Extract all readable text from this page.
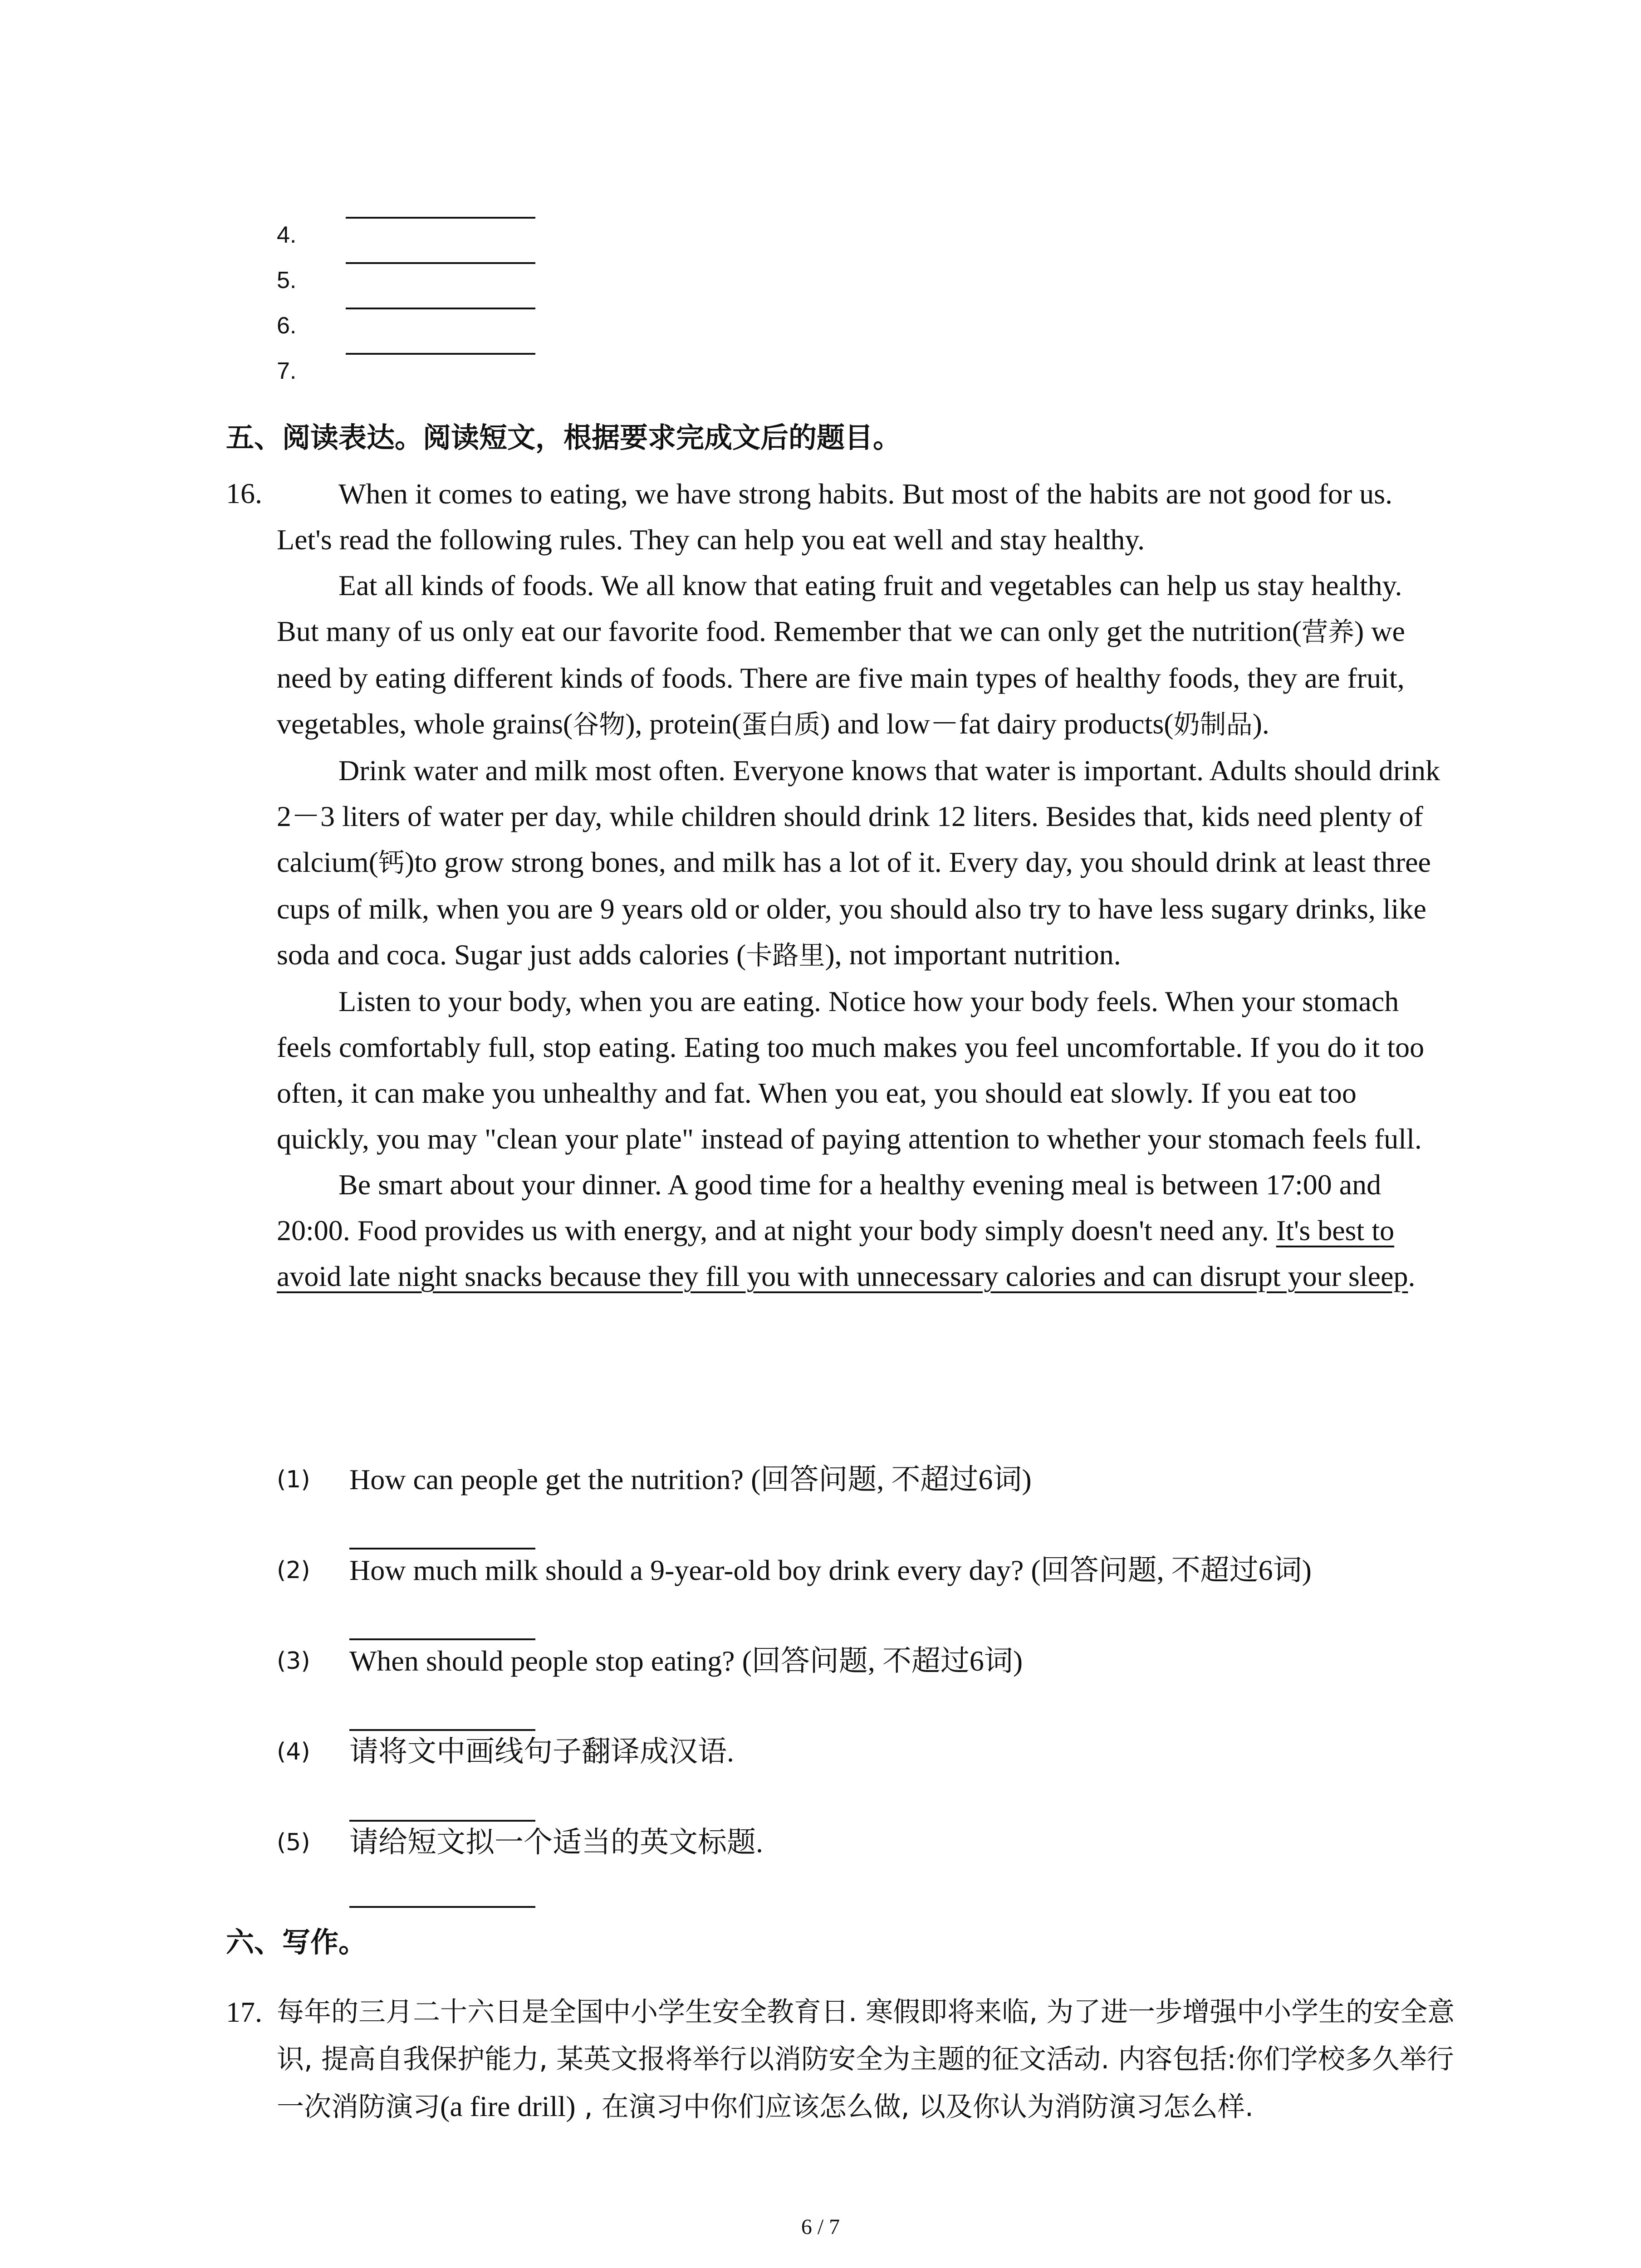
4.
5.
6.
7.
五、阅读表达。阅读短文，根据要求完成文后的题目。
16.	When it comes to eating, we have strong habits. But most of the habits are not good for us. Let's read the following rules. They can help you eat well and stay healthy.

Eat all kinds of foods. We all know that eating fruit and vegetables can help us stay healthy. But many of us only eat our favorite food. Remember that we can only get the nutrition(营养) we need by eating different kinds of foods. There are five main types of healthy foods, they are fruit, vegetables, whole grains(谷物), protein(蛋白质) and low－fat dairy products(奶制品).

Drink water and milk most often. Everyone knows that water is important. Adults should drink 2－3 liters of water per day, while children should drink 12 liters. Besides that, kids need plenty of calcium(钙)to grow strong bones, and milk has a lot of it. Every day, you should drink at least three cups of milk, when you are 9 years old or older, you should also try to have less sugary drinks, like soda and coca. Sugar just adds calories (卡路里), not important nutrition.

Listen to your body, when you are eating. Notice how your body feels. When your stomach feels comfortably full, stop eating. Eating too much makes you feel uncomfortable. If you do it too often, it can make you unhealthy and fat. When you eat, you should eat slowly. If you eat too quickly, you may "clean your plate" instead of paying attention to whether your stomach feels full.

Be smart about your dinner. A good time for a healthy evening meal is between 17:00 and 20:00. Food provides us with energy, and at night your body simply doesn't need any. It's best to avoid late night snacks because they fill you with unnecessary calories and can disrupt your sleep.

(1) How can people get the nutrition? (回答问题, 不超过6词)
(2) How much milk should a 9-year-old boy drink every day? (回答问题, 不超过6词)
(3) When should people stop eating? (回答问题, 不超过6词)
(4) 请将文中画线句子翻译成汉语.
(5) 请给短文拟一个适当的英文标题.
六、写作。
17. 每年的三月二十六日是全国中小学生安全教育日. 寒假即将来临, 为了进一步增强中小学生的安全意识, 提高自我保护能力, 某英文报将举行以消防安全为主题的征文活动. 内容包括:你们学校多久举行一次消防演习(a fire drill) , 在演习中你们应该怎么做, 以及你认为消防演习怎么样.
6 / 7
